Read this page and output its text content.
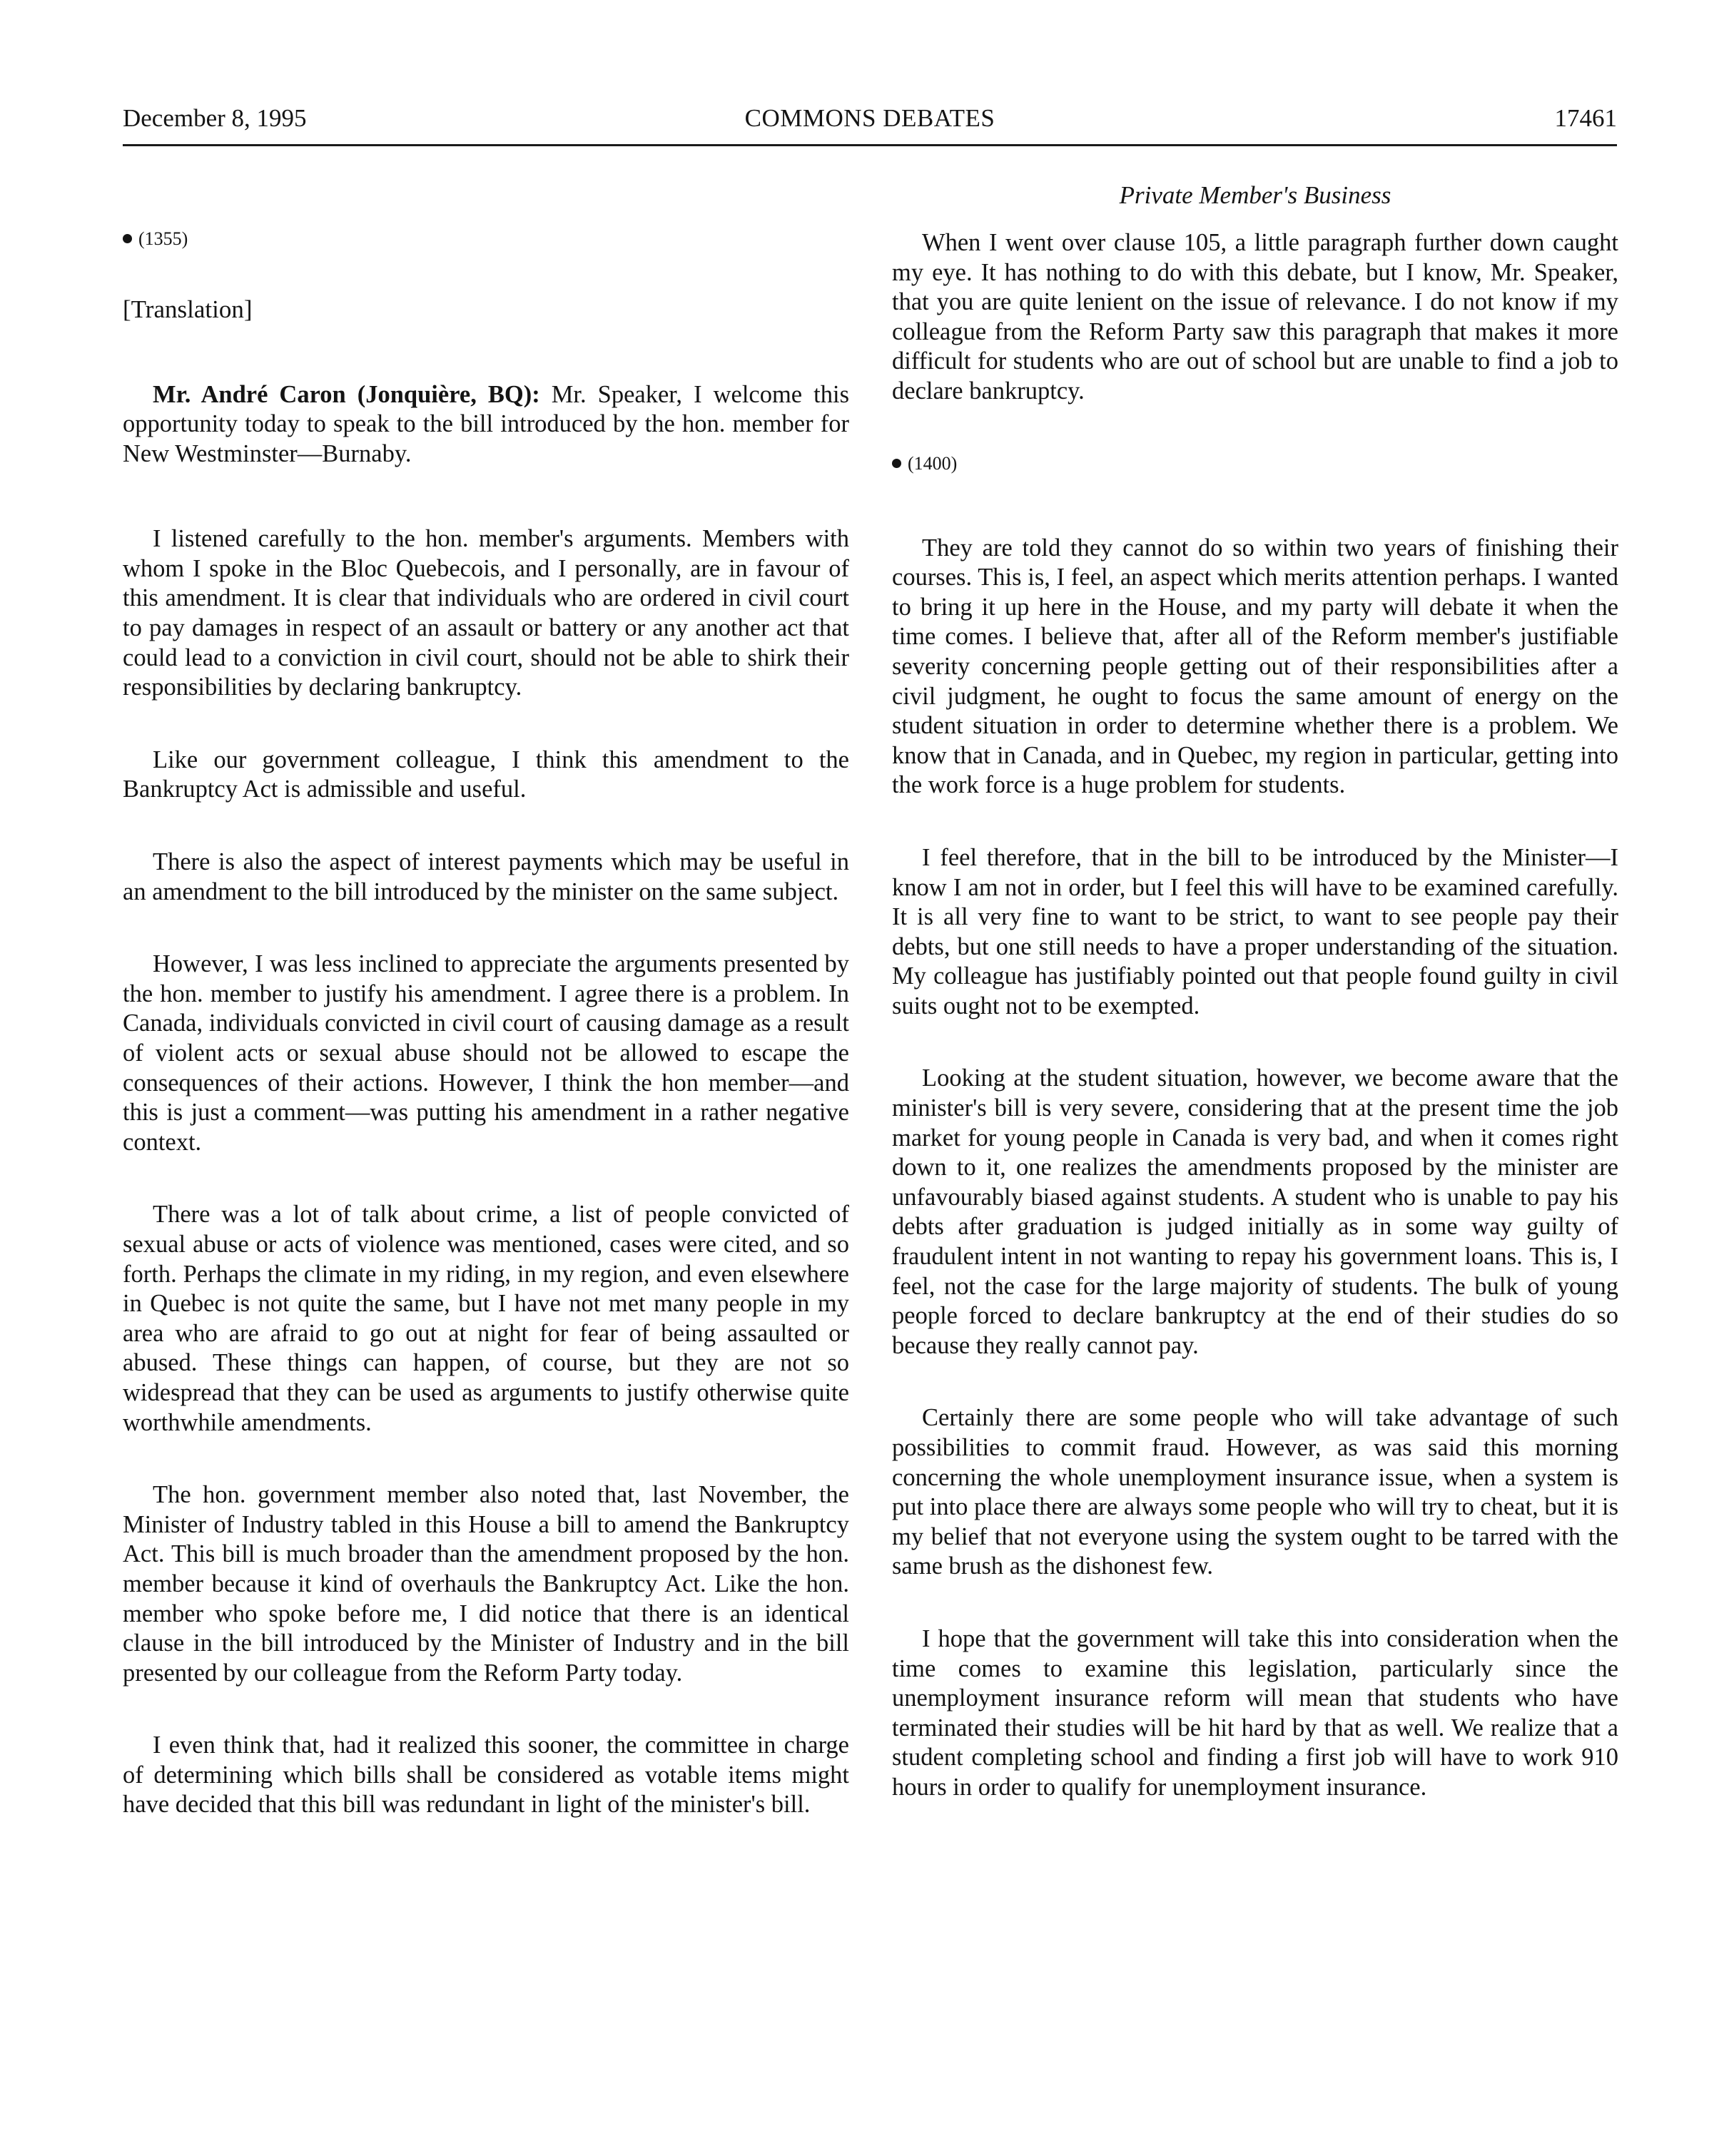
December 8, 1995	COMMONS DEBATES	17461
(1355)
[Translation]

Mr. André Caron (Jonquière, BQ): Mr. Speaker, I welcome this opportunity today to speak to the bill introduced by the hon. member for New Westminster—Burnaby.

I listened carefully to the hon. member's arguments. Members with whom I spoke in the Bloc Quebecois, and I personally, are in favour of this amendment. It is clear that individuals who are ordered in civil court to pay damages in respect of an assault or battery or any another act that could lead to a conviction in civil court, should not be able to shirk their responsibilities by declaring bankruptcy.

Like our government colleague, I think this amendment to the Bankruptcy Act is admissible and useful.

There is also the aspect of interest payments which may be useful in an amendment to the bill introduced by the minister on the same subject.

However, I was less inclined to appreciate the arguments presented by the hon. member to justify his amendment. I agree there is a problem. In Canada, individuals convicted in civil court of causing damage as a result of violent acts or sexual abuse should not be allowed to escape the consequences of their actions. However, I think the hon member—and this is just a comment—was putting his amendment in a rather negative context.

There was a lot of talk about crime, a list of people convicted of sexual abuse or acts of violence was mentioned, cases were cited, and so forth. Perhaps the climate in my riding, in my region, and even elsewhere in Quebec is not quite the same, but I have not met many people in my area who are afraid to go out at night for fear of being assaulted or abused. These things can happen, of course, but they are not so widespread that they can be used as arguments to justify otherwise quite worthwhile amendments.

The hon. government member also noted that, last November, the Minister of Industry tabled in this House a bill to amend the Bankruptcy Act. This bill is much broader than the amendment proposed by the hon. member because it kind of overhauls the Bankruptcy Act. Like the hon. member who spoke before me, I did notice that there is an identical clause in the bill introduced by the Minister of Industry and in the bill presented by our colleague from the Reform Party today.

I even think that, had it realized this sooner, the committee in charge of determining which bills shall be considered as votable items might have decided that this bill was redundant in light of the minister's bill.

Private Member's Business

When I went over clause 105, a little paragraph further down caught my eye. It has nothing to do with this debate, but I know, Mr. Speaker, that you are quite lenient on the issue of relevance. I do not know if my colleague from the Reform Party saw this paragraph that makes it more difficult for students who are out of school but are unable to find a job to declare bankruptcy.

(1400)

They are told they cannot do so within two years of finishing their courses. This is, I feel, an aspect which merits attention perhaps. I wanted to bring it up here in the House, and my party will debate it when the time comes. I believe that, after all of the Reform member's justifiable severity concerning people getting out of their responsibilities after a civil judgment, he ought to focus the same amount of energy on the student situation in order to determine whether there is a problem. We know that in Canada, and in Quebec, my region in particular, getting into the work force is a huge problem for students.

I feel therefore, that in the bill to be introduced by the Minister—I know I am not in order, but I feel this will have to be examined carefully. It is all very fine to want to be strict, to want to see people pay their debts, but one still needs to have a proper understanding of the situation. My colleague has justifiably pointed out that people found guilty in civil suits ought not to be exempted.

Looking at the student situation, however, we become aware that the minister's bill is very severe, considering that at the present time the job market for young people in Canada is very bad, and when it comes right down to it, one realizes the amendments proposed by the minister are unfavourably biased against students. A student who is unable to pay his debts after graduation is judged initially as in some way guilty of fraudulent intent in not wanting to repay his government loans. This is, I feel, not the case for the large majority of students. The bulk of young people forced to declare bankruptcy at the end of their studies do so because they really cannot pay.

Certainly there are some people who will take advantage of such possibilities to commit fraud. However, as was said this morning concerning the whole unemployment insurance issue, when a system is put into place there are always some people who will try to cheat, but it is my belief that not everyone using the system ought to be tarred with the same brush as the dishonest few.

I hope that the government will take this into consideration when the time comes to examine this legislation, particularly since the unemployment insurance reform will mean that students who have terminated their studies will be hit hard by that as well. We realize that a student completing school and finding a first job will have to work 910 hours in order to qualify for unemployment insurance.
